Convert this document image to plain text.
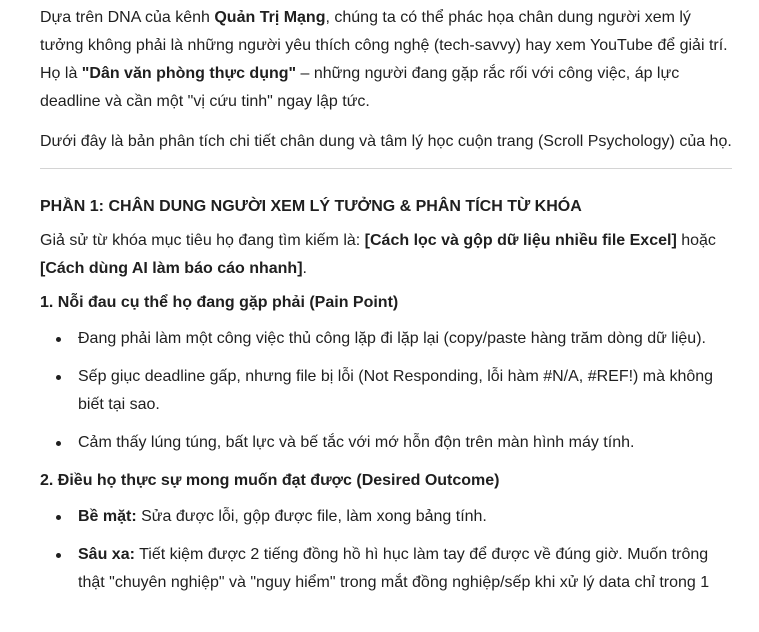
Dựa trên DNA của kênh Quản Trị Mạng, chúng ta có thể phác họa chân dung người xem lý tưởng không phải là những người yêu thích công nghệ (tech-savvy) hay xem YouTube để giải trí. Họ là "Dân văn phòng thực dụng" – những người đang gặp rắc rối với công việc, áp lực deadline và cần một "vị cứu tinh" ngay lập tức.

Dưới đây là bản phân tích chi tiết chân dung và tâm lý học cuộn trang (Scroll Psychology) của họ.

PHẦN 1: CHÂN DUNG NGƯỜI XEM LÝ TƯỞNG & PHÂN TÍCH TỪ KHÓA

Giả sử từ khóa mục tiêu họ đang tìm kiếm là: [Cách lọc và gộp dữ liệu nhiều file Excel] hoặc [Cách dùng AI làm báo cáo nhanh].

1. Nỗi đau cụ thể họ đang gặp phải (Pain Point)

Đang phải làm một công việc thủ công lặp đi lặp lại (copy/paste hàng trăm dòng dữ liệu).
Sếp giục deadline gấp, nhưng file bị lỗi (Not Responding, lỗi hàm #N/A, #REF!) mà không biết tại sao.
Cảm thấy lúng túng, bất lực và bế tắc với mớ hỗn độn trên màn hình máy tính.

2. Điều họ thực sự mong muốn đạt được (Desired Outcome)

Bề mặt: Sửa được lỗi, gộp được file, làm xong bảng tính.
Sâu xa: Tiết kiệm được 2 tiếng đồng hồ hì hục làm tay để được về đúng giờ. Muốn trông thật "chuyên nghiệp" và "nguy hiểm" trong mắt đồng nghiệp/sếp khi xử lý data chỉ trong 1
